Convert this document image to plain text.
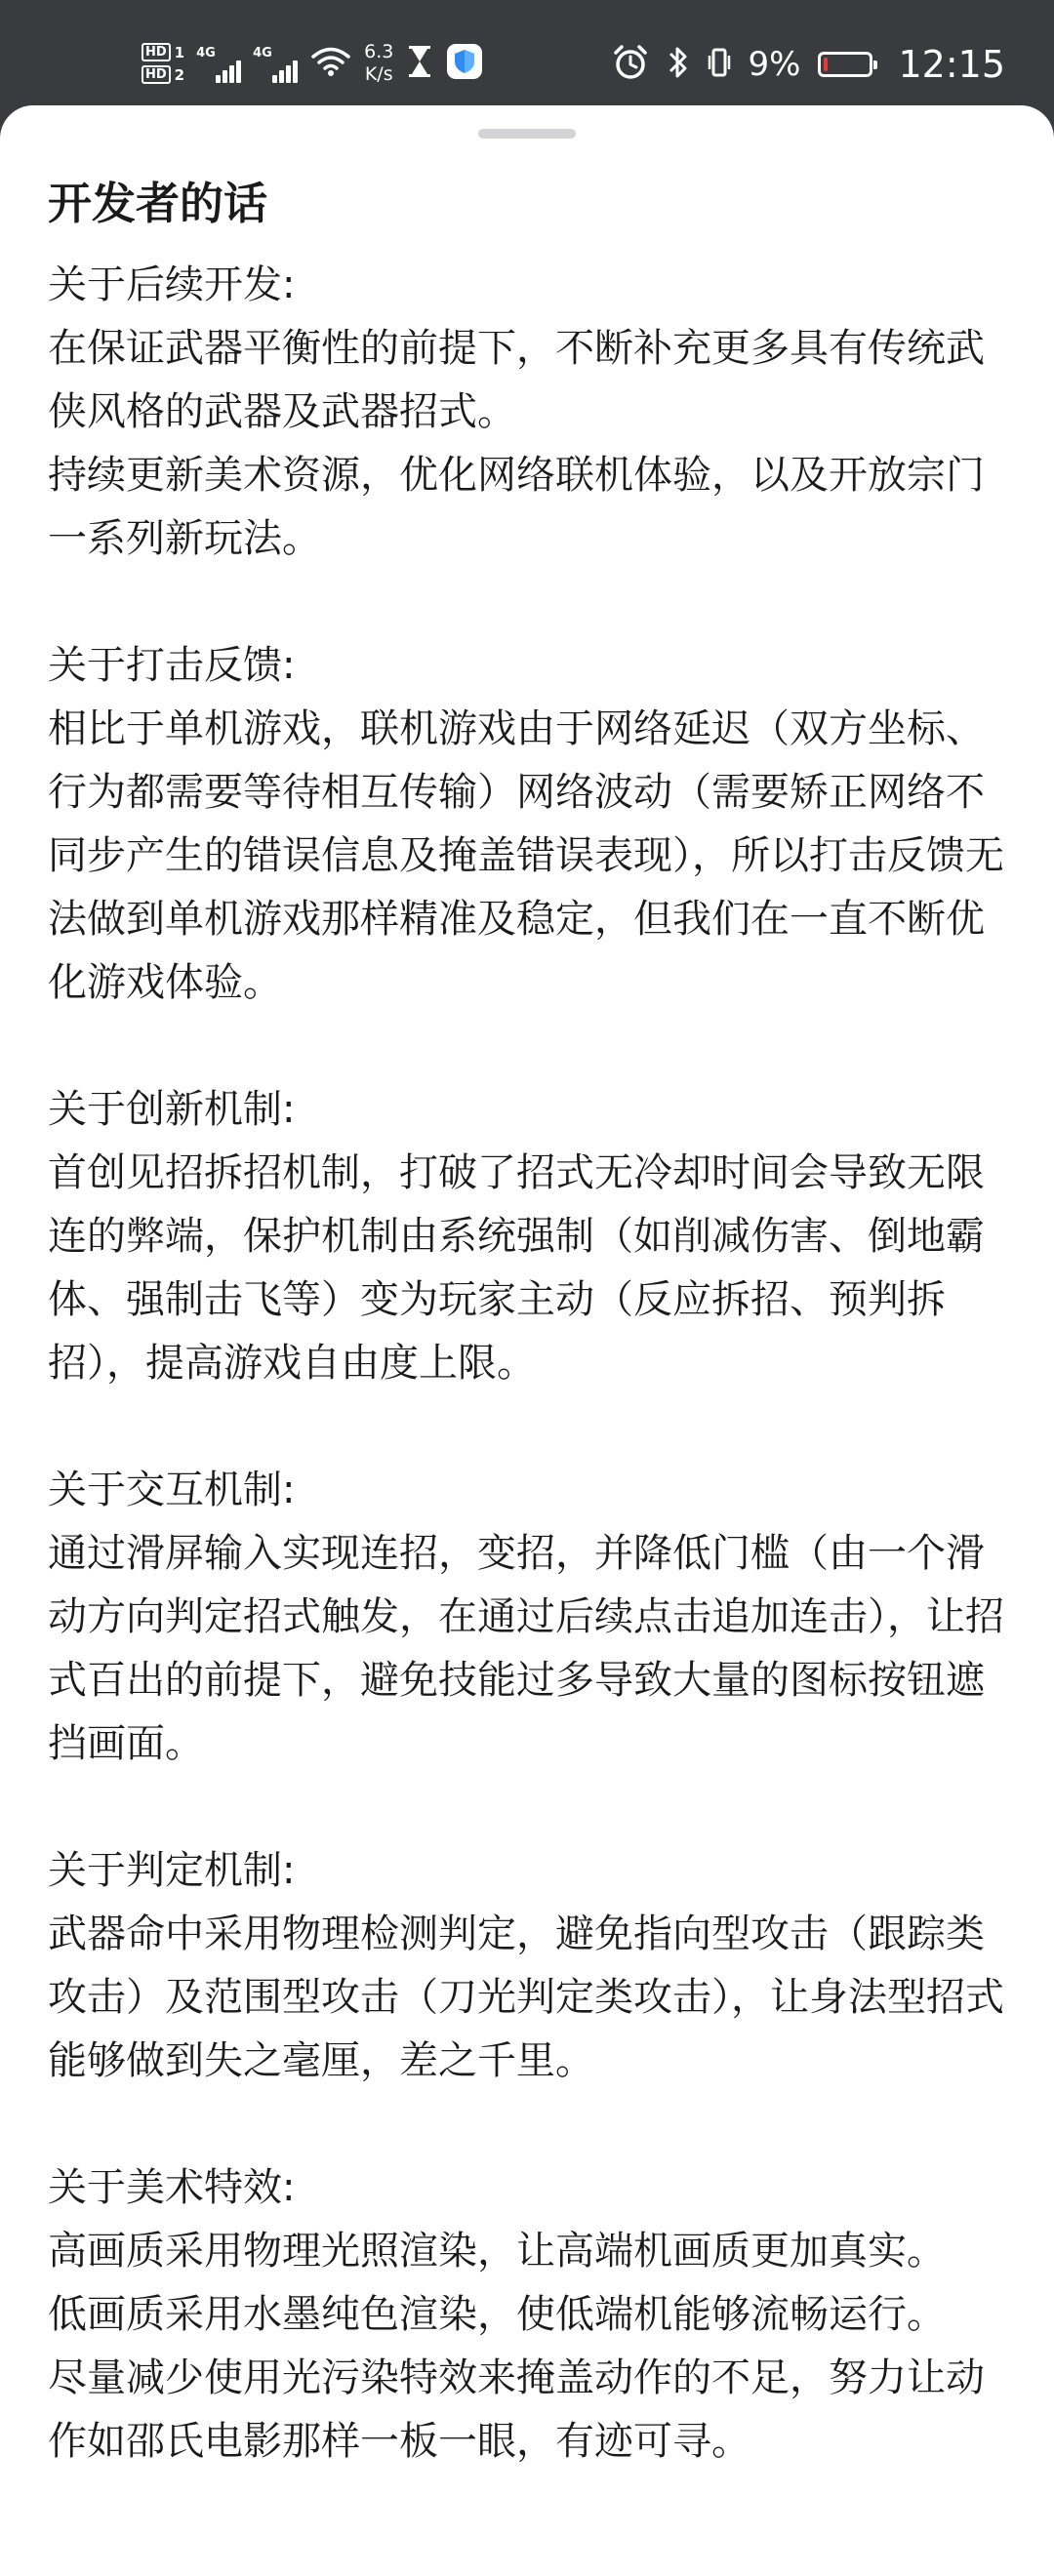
HD 1
HD 2
4G	4G	6.3
K/s	9%	12:15
开发者的话
关于后续开发:
在保证武器平衡性的前提下，不断补充更多具有传统武侠风格的武器及武器招式。
持续更新美术资源，优化网络联机体验，以及开放宗门一系列新玩法。
关于打击反馈:
相比于单机游戏，联机游戏由于网络延迟（双方坐标、行为都需要等待相互传输）网络波动（需要矫正网络不同步产生的错误信息及掩盖错误表现），所以打击反馈无法做到单机游戏那样精准及稳定，但我们在一直不断优化游戏体验。
关于创新机制:
首创见招拆招机制，打破了招式无冷却时间会导致无限连的弊端，保护机制由系统强制（如削减伤害、倒地霸体、强制击飞等）变为玩家主动（反应拆招、预判拆招），提高游戏自由度上限。
关于交互机制:
通过滑屏输入实现连招，变招，并降低门槛（由一个滑动方向判定招式触发，在通过后续点击追加连击），让招式百出的前提下，避免技能过多导致大量的图标按钮遮挡画面。
关于判定机制:
武器命中采用物理检测判定，避免指向型攻击（跟踪类攻击）及范围型攻击（刀光判定类攻击），让身法型招式能够做到失之毫厘，差之千里。
关于美术特效:
高画质采用物理光照渲染，让高端机画质更加真实。
低画质采用水墨纯色渲染，使低端机能够流畅运行。
尽量减少使用光污染特效来掩盖动作的不足，努力让动作如邵氏电影那样一板一眼，有迹可寻。
